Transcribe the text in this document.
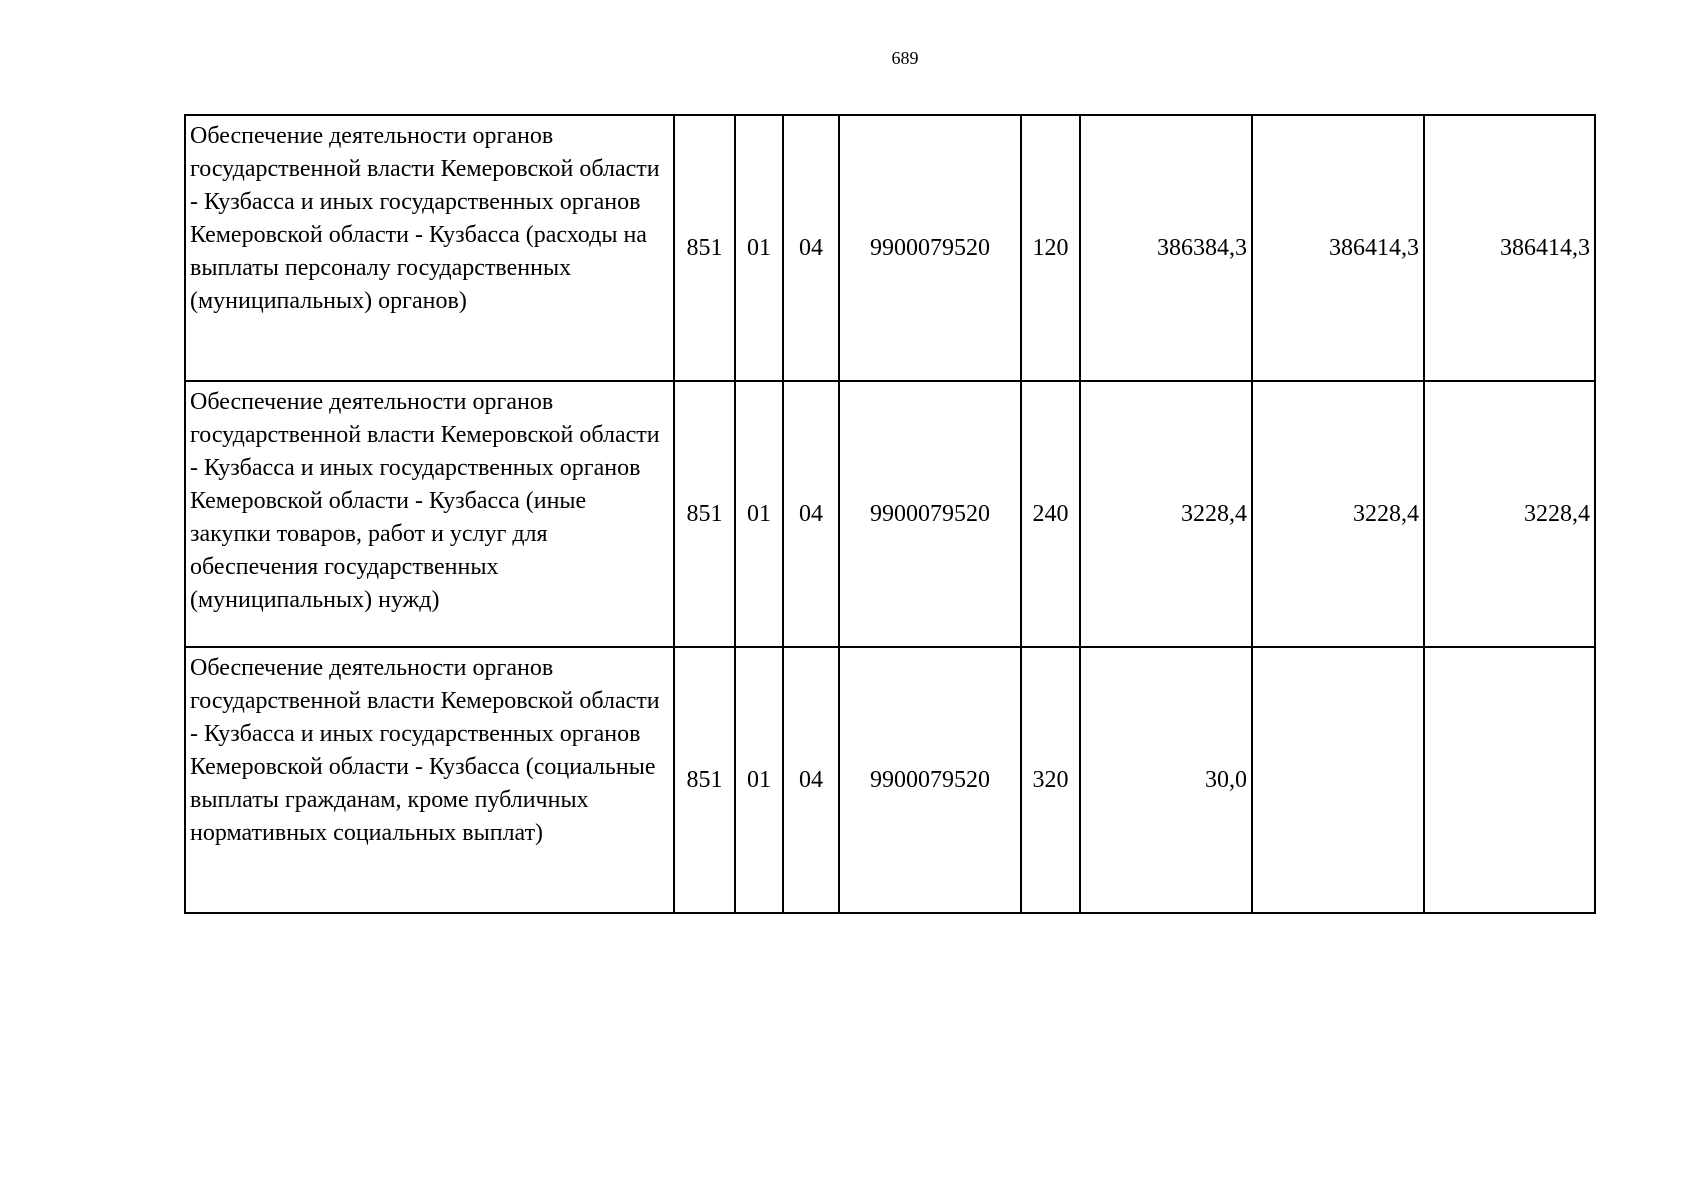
689
Обеспечение деятельности органов государственной власти Кемеровской области - Кузбасса и иных государственных органов Кемеровской области - Кузбасса (расходы на выплаты персоналу государственных (муниципальных) органов)	851	01	04	9900079520	120	386384,3	386414,3	386414,3
Обеспечение деятельности органов государственной власти Кемеровской области - Кузбасса и иных государственных органов Кемеровской области - Кузбасса (иные закупки товаров, работ и услуг для обеспечения государственных (муниципальных) нужд)	851	01	04	9900079520	240	3228,4	3228,4	3228,4
Обеспечение деятельности органов государственной власти Кемеровской области - Кузбасса и иных государственных органов Кемеровской области - Кузбасса (социальные выплаты гражданам, кроме публичных нормативных социальных выплат)	851	01	04	9900079520	320	30,0		
